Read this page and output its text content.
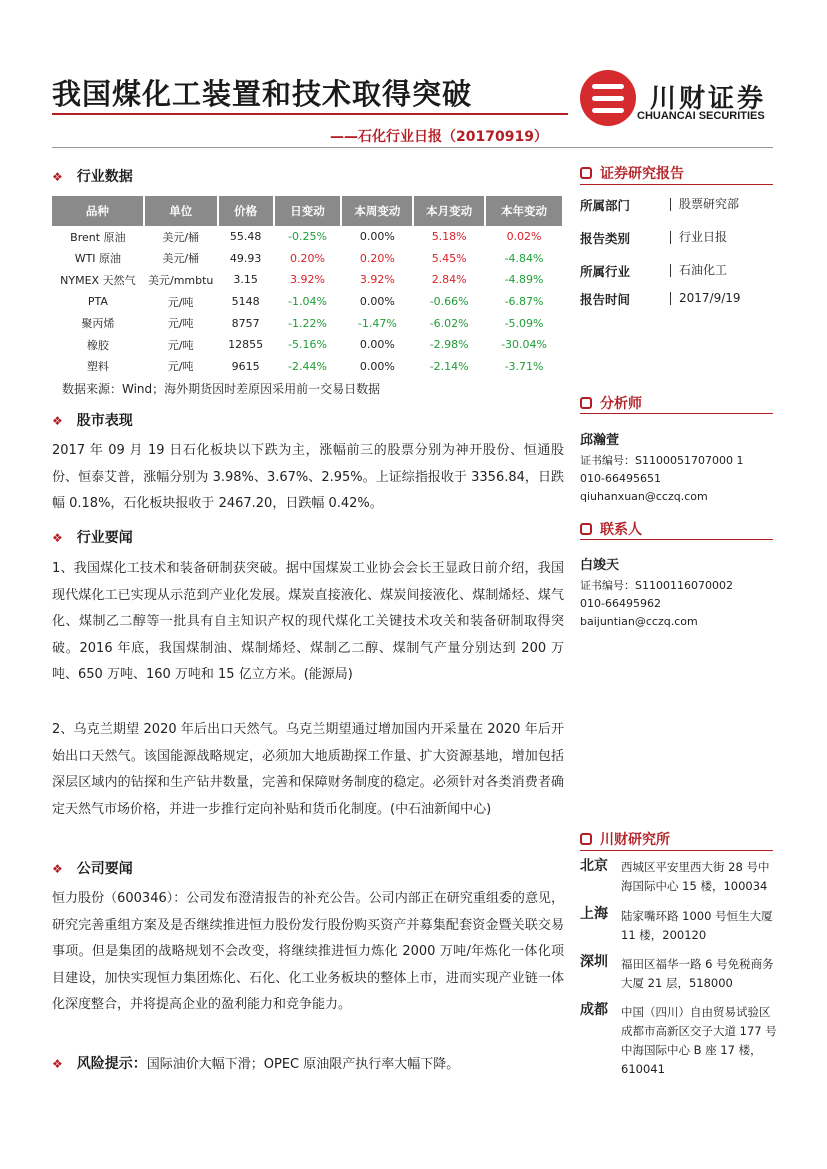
我国煤化工装置和技术取得突破
——石化行业日报（20170919）
川财证券
CHUANCAI SECURITIES
❖ 行业数据
品种	单位	价格	日变动	本周变动	本月变动	本年变动
Brent 原油	美元/桶	55.48	-0.25%	0.00%	5.18%	0.02%
WTI 原油	美元/桶	49.93	0.20%	0.20%	5.45%	-4.84%
NYMEX 天然气	美元/mmbtu	3.15	3.92%	3.92%	2.84%	-4.89%
PTA	元/吨	5148	-1.04%	0.00%	-0.66%	-6.87%
聚丙烯	元/吨	8757	-1.22%	-1.47%	-6.02%	-5.09%
橡胶	元/吨	12855	-5.16%	0.00%	-2.98%	-30.04%
塑料	元/吨	9615	-2.44%	0.00%	-2.14%	-3.71%
数据来源：Wind；海外期货因时差原因采用前一交易日数据
❖ 股市表现
2017 年 09 月 19 日石化板块以下跌为主，涨幅前三的股票分别为神开股份、恒通股份、恒泰艾普，涨幅分别为 3.98%、3.67%、2.95%。上证综指报收于 3356.84，日跌幅 0.18%，石化板块报收于 2467.20，日跌幅 0.42%。
❖ 行业要闻
1、我国煤化工技术和装备研制获突破。据中国煤炭工业协会会长王显政日前介绍，我国现代煤化工已实现从示范到产业化发展。煤炭直接液化、煤炭间接液化、煤制烯烃、煤气化、煤制乙二醇等一批具有自主知识产权的现代煤化工关键技术攻关和装备研制取得突破。2016 年底，我国煤制油、煤制烯烃、煤制乙二醇、煤制气产量分别达到 200 万吨、650 万吨、160 万吨和 15 亿立方米。(能源局)
2、乌克兰期望 2020 年后出口天然气。乌克兰期望通过增加国内开采量在 2020 年后开始出口天然气。该国能源战略规定，必须加大地质勘探工作量、扩大资源基地，增加包括深层区域内的钻探和生产钻井数量，完善和保障财务制度的稳定。必须针对各类消费者确定天然气市场价格，并进一步推行定向补贴和货币化制度。(中石油新闻中心)
❖ 公司要闻
恒力股份（600346）：公司发布澄清报告的补充公告。公司内部正在研究重组委的意见，研究完善重组方案及是否继续推进恒力股份发行股份购买资产并募集配套资金暨关联交易事项。但是集团的战略规划不会改变，将继续推进恒力炼化 2000 万吨/年炼化一体化项目建设，加快实现恒力集团炼化、石化、化工业务板块的整体上市，进而实现产业链一体化深度整合，并将提高企业的盈利能力和竞争能力。
❖ 风险提示：国际油价大幅下滑；OPEC 原油限产执行率大幅下降。
证券研究报告
所属部门	股票研究部
报告类别	行业日报
所属行业	石油化工
报告时间	2017/9/19
分析师
邱瀚萱
证书编号：S1100051707000 1
010-66495651
qiuhanxuan@cczq.com
联系人
白竣天
证书编号：S1100116070002
010-66495962
baijuntian@cczq.com
川财研究所
北京 西城区平安里西大街 28 号中海国际中心 15 楼，100034
上海 陆家嘴环路 1000 号恒生大厦 11 楼，200120
深圳 福田区福华一路 6 号免税商务大厦 21 层，518000
成都 中国（四川）自由贸易试验区成都市高新区交子大道 177 号中海国际中心 B 座 17 楼，610041
